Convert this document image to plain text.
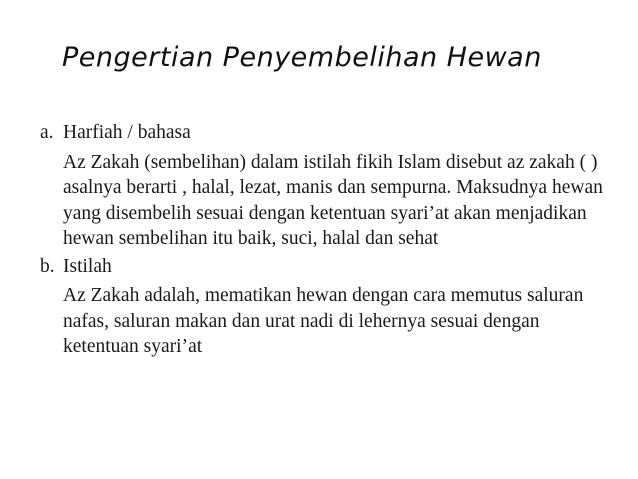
Pengertian Penyembelihan Hewan
a. Harfiah / bahasa
Az Zakah (sembelihan) dalam istilah fikih Islam disebut az zakah ( ) asalnya berarti , halal, lezat, manis dan sempurna. Maksudnya hewan yang disembelih sesuai dengan ketentuan syari’at akan menjadikan hewan sembelihan itu baik, suci, halal dan sehat
b. Istilah
Az Zakah adalah, mematikan hewan dengan cara memutus saluran nafas, saluran makan dan urat nadi di lehernya sesuai dengan ketentuan syari’at
